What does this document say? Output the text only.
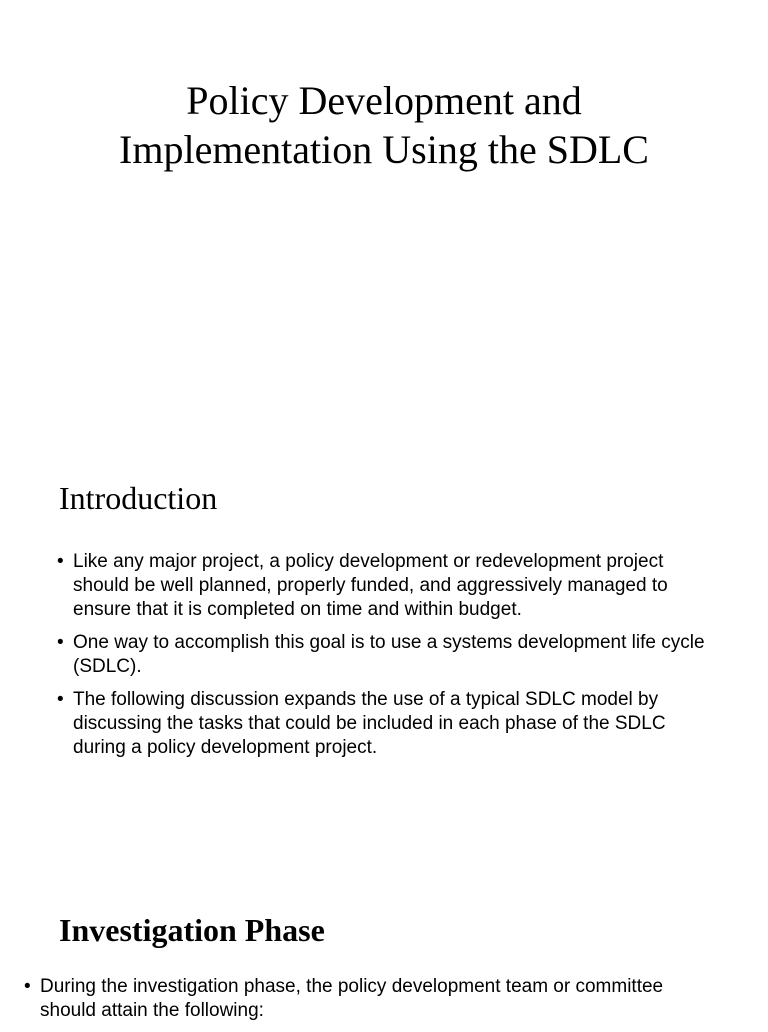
Policy Development and Implementation Using the SDLC
Introduction
• Like any major project, a policy development or redevelopment project should be well planned, properly funded, and aggressively managed to ensure that it is completed on time and within budget.
• One way to accomplish this goal is to use a systems development life cycle (SDLC).
• The following discussion expands the use of a typical SDLC model by discussing the tasks that could be included in each phase of the SDLC during a policy development project.
Investigation Phase
• During the investigation phase, the policy development team or committee should attain the following:
